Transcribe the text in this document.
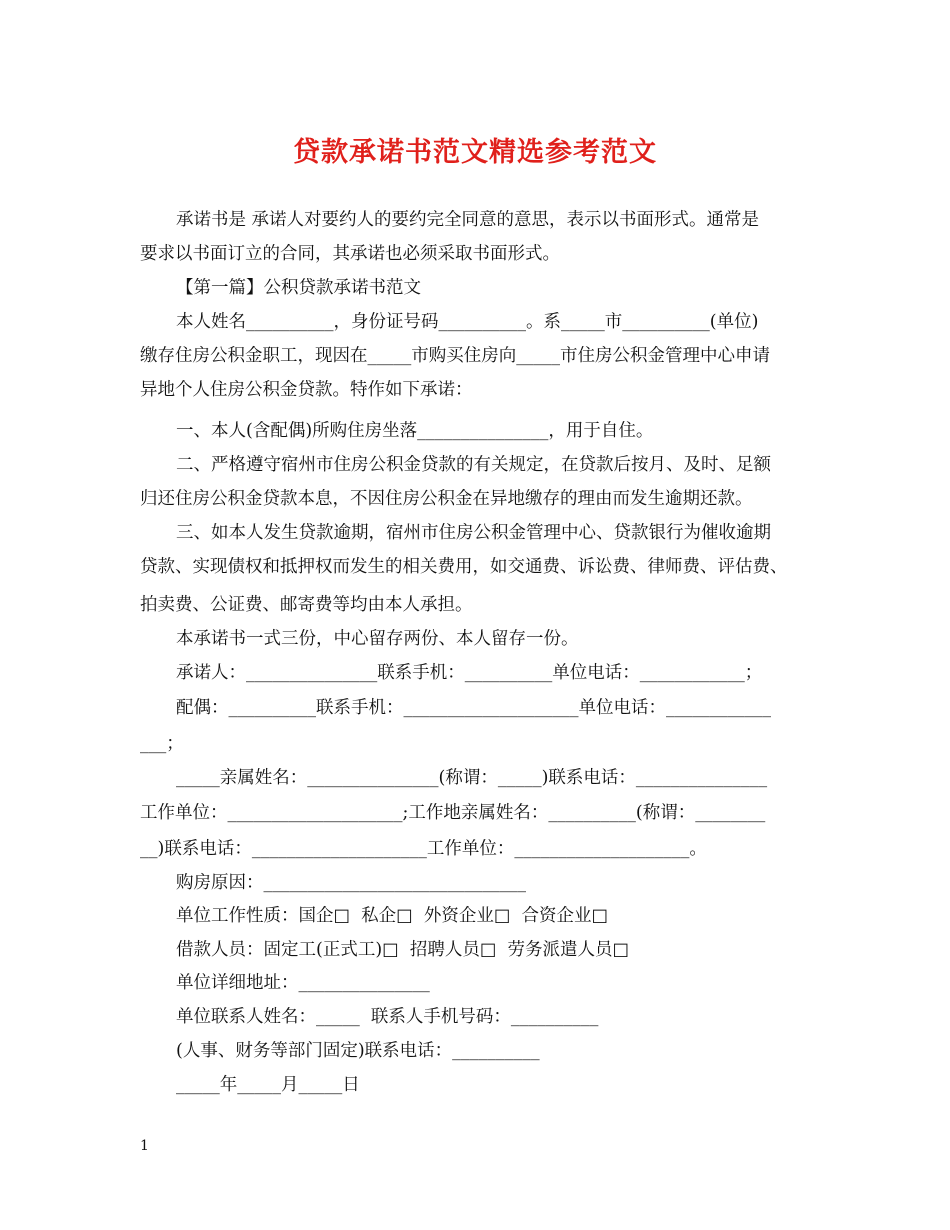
贷款承诺书范文精选参考范文
承诺书是 承诺人对要约人的要约完全同意的意思，表示以书面形式。通常是
要求以书面订立的合同，其承诺也必须采取书面形式。
【第一篇】公积贷款承诺书范文
本人姓名__________，身份证号码__________。系_____市__________(单位)
缴存住房公积金职工，现因在_____市购买住房向_____市住房公积金管理中心申请
异地个人住房公积金贷款。特作如下承诺：
一、本人(含配偶)所购住房坐落_______________，用于自住。
二、严格遵守宿州市住房公积金贷款的有关规定，在贷款后按月、及时、足额
归还住房公积金贷款本息，不因住房公积金在异地缴存的理由而发生逾期还款。
三、如本人发生贷款逾期，宿州市住房公积金管理中心、贷款银行为催收逾期
贷款、实现债权和抵押权而发生的相关费用，如交通费、诉讼费、律师费、评估费、
拍卖费、公证费、邮寄费等均由本人承担。
本承诺书一式三份，中心留存两份、本人留存一份。
承诺人：_______________联系手机：__________单位电话：____________；
配偶：__________联系手机：____________________单位电话：____________
___；
_____亲属姓名：_______________(称谓：_____)联系电话：_______________
工作单位：____________________;工作地亲属姓名：__________(称谓：________
__)联系电话：____________________工作单位：____________________。
购房原因：______________________________
单位工作性质：国企□  私企□  外资企业□  合资企业□
借款人员：固定工(正式工)□  招聘人员□  劳务派遣人员□
单位详细地址：_______________
单位联系人姓名：_____  联系人手机号码：__________
(人事、财务等部门固定)联系电话：__________
_____年_____月_____日
1
